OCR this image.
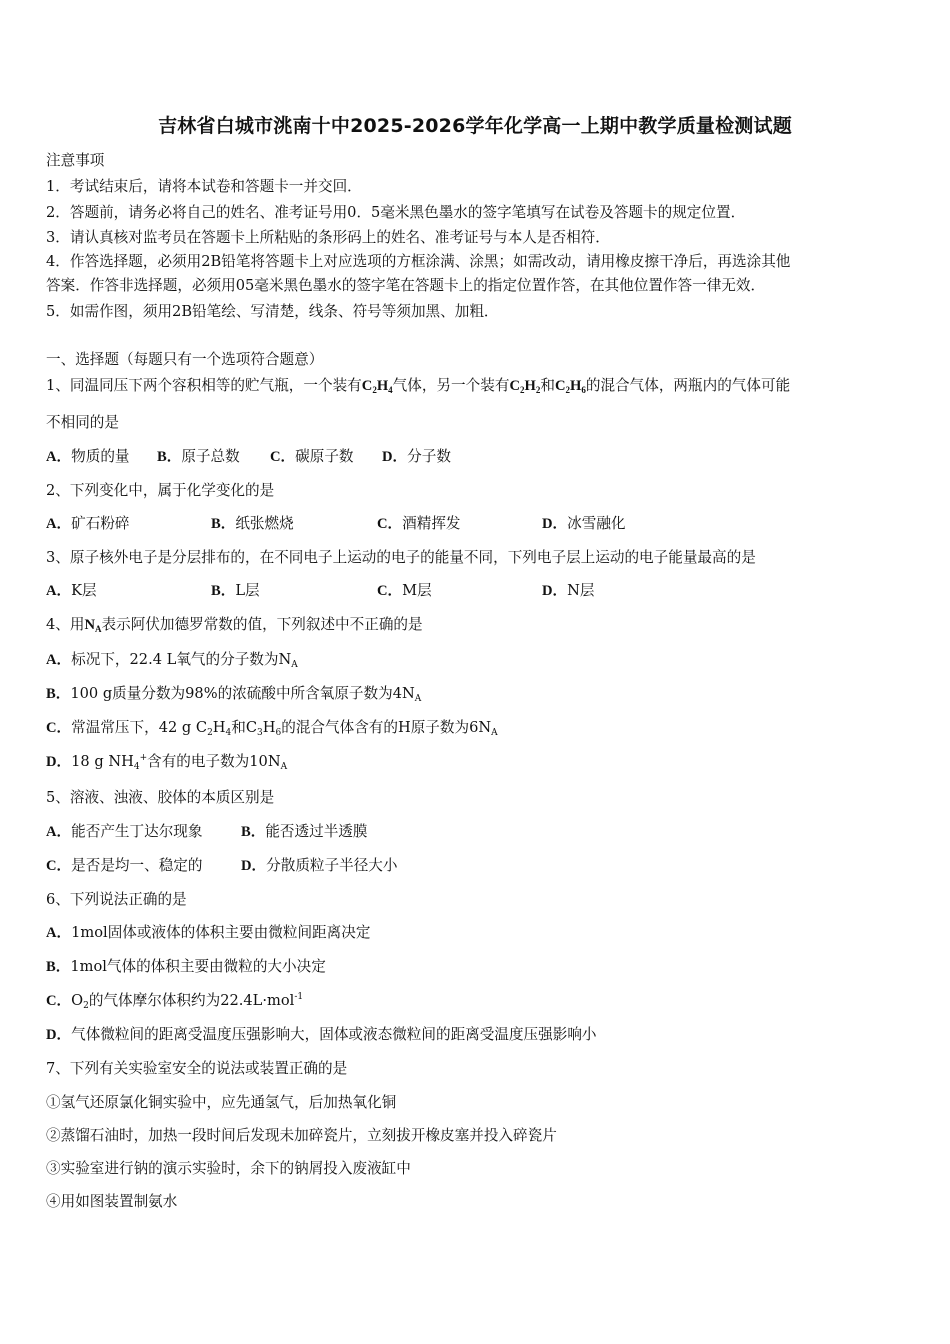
吉林省白城市洮南十中2025-2026学年化学高一上期中教学质量检测试题
注意事项
1．考试结束后，请将本试卷和答题卡一并交回．
2．答题前，请务必将自己的姓名、准考证号用0．5毫米黑色墨水的签字笔填写在试卷及答题卡的规定位置．
3．请认真核对监考员在答题卡上所粘贴的条形码上的姓名、准考证号与本人是否相符．
4．作答选择题，必须用2B铅笔将答题卡上对应选项的方框涂满、涂黑；如需改动，请用橡皮擦干净后，再选涂其他
答案．作答非选择题，必须用05毫米黑色墨水的签字笔在答题卡上的指定位置作答，在其他位置作答一律无效．
5．如需作图，须用2B铅笔绘、写清楚，线条、符号等须加黑、加粗．
一、选择题（每题只有一个选项符合题意）
1、同温同压下两个容积相等的贮气瓶，一个装有$C_2H_4$气体，另一个装有$C_2H_2$和$C_2H_6$的混合气体，两瓶内的气体可能
不相同的是
A．物质的量 B．原子总数 C．碳原子数 D．分子数
2、下列变化中，属于化学变化的是
A．矿石粉碎	B．纸张燃烧	C．酒精挥发	D．冰雪融化
3、原子核外电子是分层排布的，在不同电子上运动的电子的能量不同，下列电子层上运动的电子能量最高的是
A．K层	B．L层	C．M层	D．N层
4、用$N_A$表示阿伏加德罗常数的值，下列叙述中不正确的是
A．标况下，22.4 L氧气的分子数为$N_A$
B．100 g质量分数为98%的浓硫酸中所含氧原子数为$4N_A$
C．常温常压下，42 g $C_2H_4$和$C_3H_6$的混合气体含有的H原子数为$6N_A$
D．18 g $NH_4^+$含有的电子数为$10N_A$
5、溶液、浊液、胶体的本质区别是
A．能否产生丁达尔现象	B．能否透过半透膜
C．是否是均一、稳定的	D．分散质粒子半径大小
6、下列说法正确的是
A．1mol固体或液体的体积主要由微粒间距离决定
B．1mol气体的体积主要由微粒的大小决定
C．$O_2$的气体摩尔体积约为22.4L·mol$^{-1}$
D．气体微粒间的距离受温度压强影响大，固体或液态微粒间的距离受温度压强影响小
7、下列有关实验室安全的说法或装置正确的是
①氢气还原氯化铜实验中，应先通氢气，后加热氧化铜
②蒸馏石油时，加热一段时间后发现未加碎瓷片，立刻拔开橡皮塞并投入碎瓷片
③实验室进行钠的演示实验时，余下的钠屑投入废液缸中
④用如图装置制氨水
